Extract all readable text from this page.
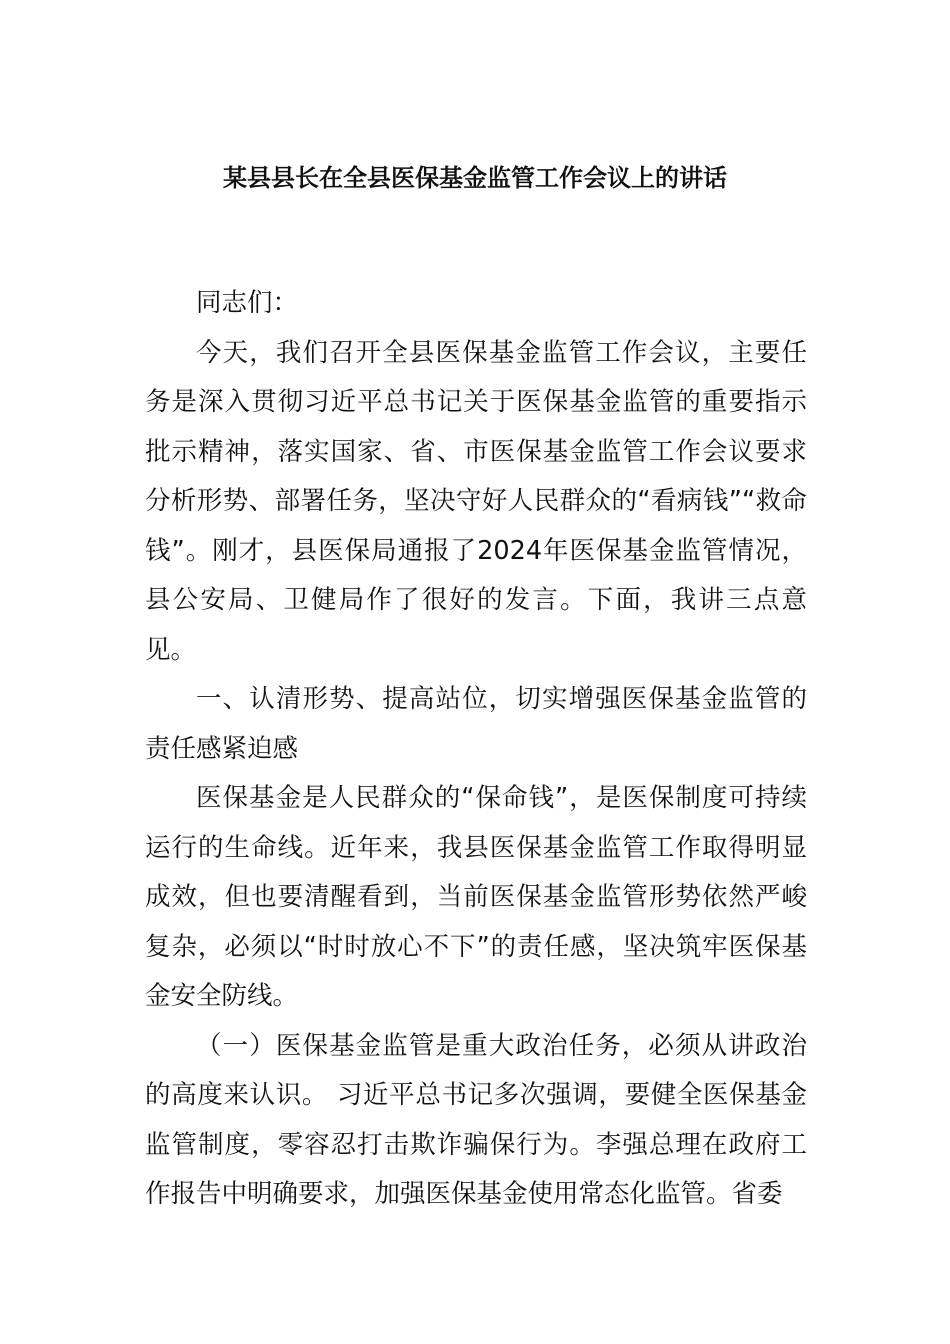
某县县长在全县医保基金监管工作会议上的讲话

同志们：

今天，我们召开全县医保基金监管工作会议，主要任务是深入贯彻习近平总书记关于医保基金监管的重要指示批示精神，落实国家、省、市医保基金监管工作会议要求分析形势、部署任务，坚决守好人民群众的“看病钱”“救命钱”。刚才，县医保局通报了2024年医保基金监管情况，县公安局、卫健局作了很好的发言。下面，我讲三点意见。

一、认清形势、提高站位，切实增强医保基金监管的责任感紧迫感

医保基金是人民群众的“保命钱”，是医保制度可持续运行的生命线。近年来，我县医保基金监管工作取得明显成效，但也要清醒看到，当前医保基金监管形势依然严峻复杂，必须以“时时放心不下”的责任感，坚决筑牢医保基金安全防线。

（一）医保基金监管是重大政治任务，必须从讲政治的高度来认识。 习近平总书记多次强调，要健全医保基金监管制度，零容忍打击欺诈骗保行为。李强总理在政府工作报告中明确要求，加强医保基金使用常态化监管。省委
